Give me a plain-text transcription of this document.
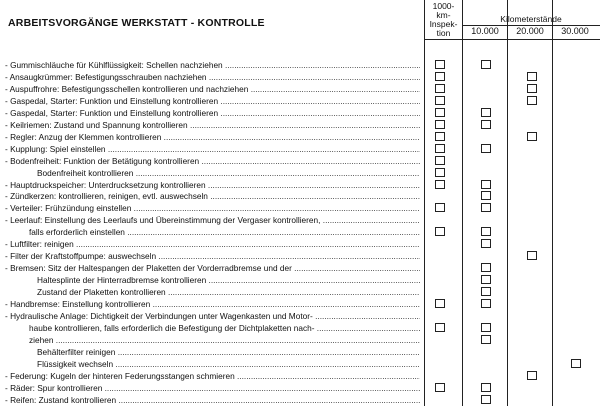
ARBEITSVORGÄNGE WERKSTATT - KONTROLLE
1000-km-Inspek-tion
Kilometerstände
10.000	20.000	30.000
- Gummischläuche für Kühlflüssigkeit: Schellen nachziehen .....
- Ansaugkrümmer: Befestigungsschrauben nachziehen .....
- Auspuffrohre: Befestigungsschellen kontrollieren und nachziehen .....
- Gaspedal, Starter: Funktion und Einstellung kontrollieren .....
- Gaspedal, Starter: Funktion und Einstellung kontrollieren .....
- Keilriemen: Zustand und Spannung kontrollieren .....
- Regler: Anzug der Klemmen kontrollieren .....
- Kupplung: Spiel einstellen .....
- Bodenfreiheit: Funktion der Betätigung kontrollieren .....
Bodenfreiheit kontrollieren .....
- Hauptdruckspeicher: Unterdrucksetzung kontrollieren .....
- Zündkerzen: kontrollieren, reinigen, evtl. auswechseln .....
- Verteiler: Frühzündung einstellen .....
- Leerlauf: Einstellung des Leerlaufs und Übereinstimmung der Vergaser kontrollieren, .....
falls erforderlich einstellen .....
- Luftfilter: reinigen .....
- Filter der Kraftstoffpumpe: auswechseln .....
- Bremsen: Sitz der Haltespangen der Plaketten der Vorderradbremse und der .....
Haltesplinte der Hinterradbremse kontrollieren .....
Zustand der Plaketten kontrollieren .....
- Handbremse: Einstellung kontrollieren .....
- Hydraulische Anlage: Dichtigkeit der Verbindungen unter Wagenkasten und Motor- .....
haube kontrollieren, falls erforderlich die Befestigung der Dichtplaketten nach- .....
ziehen .....
Behälterfilter reinigen .....
Flüssigkeit wechseln .....
- Federung: Kugeln der hinteren Federungsstangen schmieren .....
- Räder: Spur kontrollieren .....
- Reifen: Zustand kontrollieren .....
